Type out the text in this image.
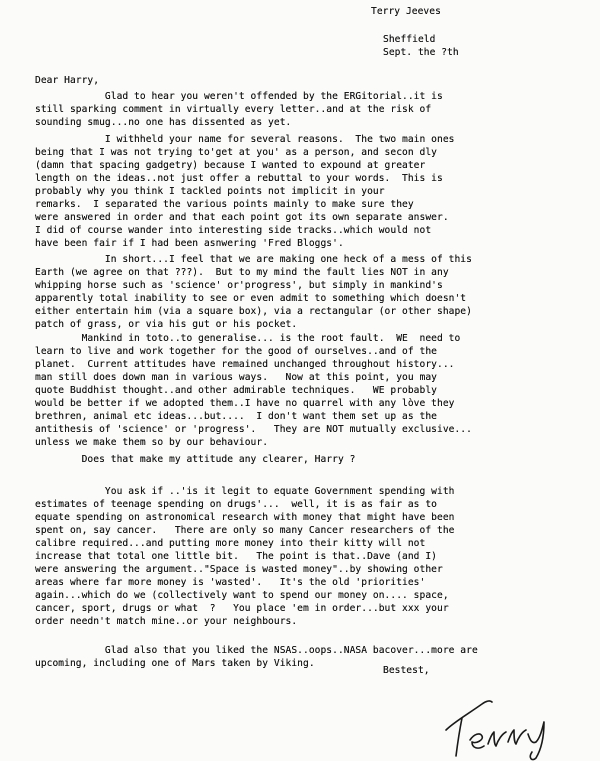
Terry Jeeves
Sheffield
Sept. the ?th
Dear Harry,
Glad to hear you weren't offended by the ERGitorial..it is
still sparking comment in virtually every letter..and at the risk of
sounding smug...no one has dissented as yet.
I withheld your name for several reasons.  The two main ones
being that I was not trying to'get at you' as a person, and secon dly
(damn that spacing gadgetry) because I wanted to expound at greater
length on the ideas..not just offer a rebuttal to your words.  This is
probably why you think I tackled points not implicit in your
remarks.  I separated the various points mainly to make sure they
were answered in order and that each point got its own separate answer.
I did of course wander into interesting side tracks..which would not
have been fair if I had been asnwering 'Fred Bloggs'.
In short...I feel that we are making one heck of a mess of this
Earth (we agree on that ???).  But to my mind the fault lies NOT in any
whipping horse such as 'science' or'progress', but simply in mankind's
apparently total inability to see or even admit to something which doesn't
either entertain him (via a square box), via a rectangular (or other shape)
patch of grass, or via his gut or his pocket.
Mankind in toto..to generalise... is the root fault.  WE  need to
learn to live and work together for the good of ourselves..and of the
planet.  Current attitudes have remained unchanged throughout history...
man still does down man in various ways.   Now at this point, you may
quote Buddhist thought..and other admirable techniques.   WE probably
would be better if we adopted them..I have no quarrel with any lòve they
brethren, animal etc ideas...but....  I don't want them set up as the
antithesis of 'science' or 'progress'.   They are NOT mutually exclusive...
unless we make them so by our behaviour.
Does that make my attitude any clearer, Harry ?
You ask if ..'is it legit to equate Government spending with
estimates of teenage spending on drugs'...  well, it is as fair as to
equate spending on astronomical research with money that might have been
spent on, say cancer.   There are only so many Cancer researchers of the
calibre required...and putting more money into their kitty will not
increase that total one little bit.   The point is that..Dave (and I)
were answering the argument.."Space is wasted money"..by showing other
areas where far more money is 'wasted'.   It's the old 'priorities'
again...which do we (collectively want to spend our money on.... space,
cancer, sport, drugs or what  ?   You place 'em in order...but xxx your
order needn't match mine..or your neighbours.
Glad also that you liked the NSAS..oops..NASA bacover...more are
upcoming, including one of Mars taken by Viking.
Bestest,
